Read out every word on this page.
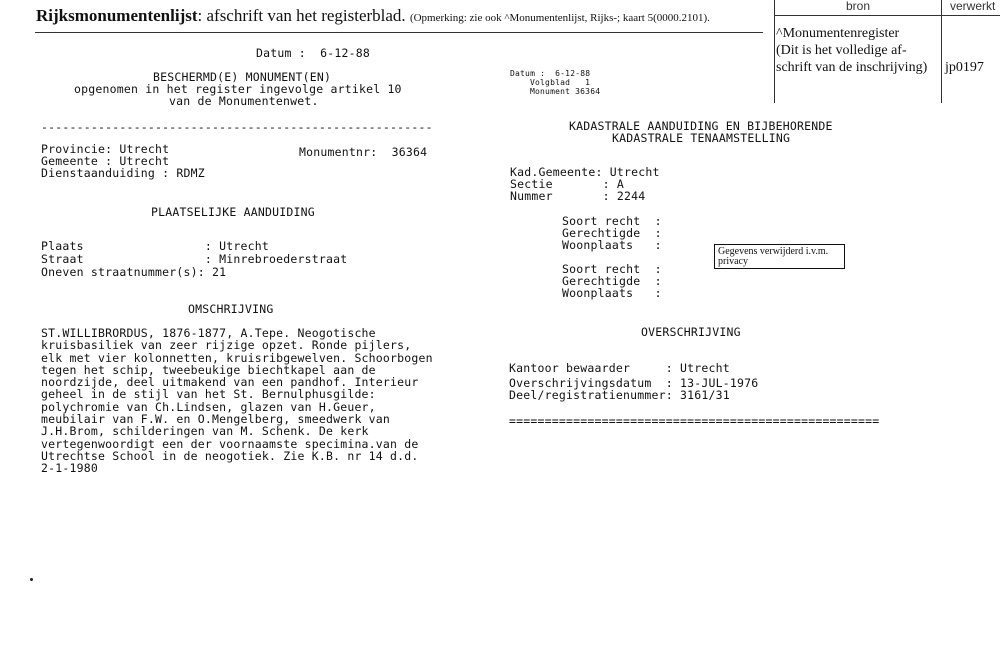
Rijksmonumentenlijst: afschrift van het registerblad. (Opmerking: zie ook ^Monumentenlijst, Rijks-; kaart 5(0000.2101).
bron	verwerkt
^Monumentenregister
(Dit is het volledige af-
schrift van de inschrijving) jp0197
Datum :  6-12-88
BESCHERMD(E) MONUMENT(EN)
opgenomen in het register ingevolge artikel 10
van de Monumentenwet.
-------------------------------------------------------
Provincie: Utrecht	Monumentnr:  36364
Gemeente : Utrecht
Dienstaanduiding : RDMZ
PLAATSELIJKE AANDUIDING
Plaats                 : Utrecht
Straat                 : Minrebroederstraat
Oneven straatnummer(s): 21
OMSCHRIJVING
ST.WILLIBRORDUS, 1876-1877, A.Tepe. Neogotische
kruisbasiliek van zeer rijzige opzet. Ronde pijlers,
elk met vier kolonnetten, kruisribgewelven. Schoorbogen
tegen het schip, tweebeukige biechtkapel aan de
noordzijde, deel uitmakend van een pandhof. Interieur
geheel in de stijl van het St. Bernulphusgilde:
polychromie van Ch.Lindsen, glazen van H.Geuer,
meubilair van F.W. en O.Mengelberg, smeedwerk van
J.H.Brom, schilderingen van M. Schenk. De kerk
vertegenwoordigt een der voornaamste specimina.van de
Utrechtse School in de neogotiek. Zie K.B. nr 14 d.d.
2-1-1980
Datum :  6-12-88
Volgblad   1
Monument 36364
KADASTRALE AANDUIDING EN BIJBEHORENDE
KADASTRALE TENAAMSTELLING
Kad.Gemeente: Utrecht
Sectie       : A
Nummer       : 2244
Soort recht  :
Gerechtigde  :
Woonplaats   :	Gegevens verwijderd i.v.m.
privacy
Soort recht  :
Gerechtigde  :
Woonplaats   :
OVERSCHRIJVING
Kantoor bewaarder     : Utrecht
Overschrijvingsdatum  : 13-JUL-1976
Deel/registratienummer: 3161/31
====================================================
